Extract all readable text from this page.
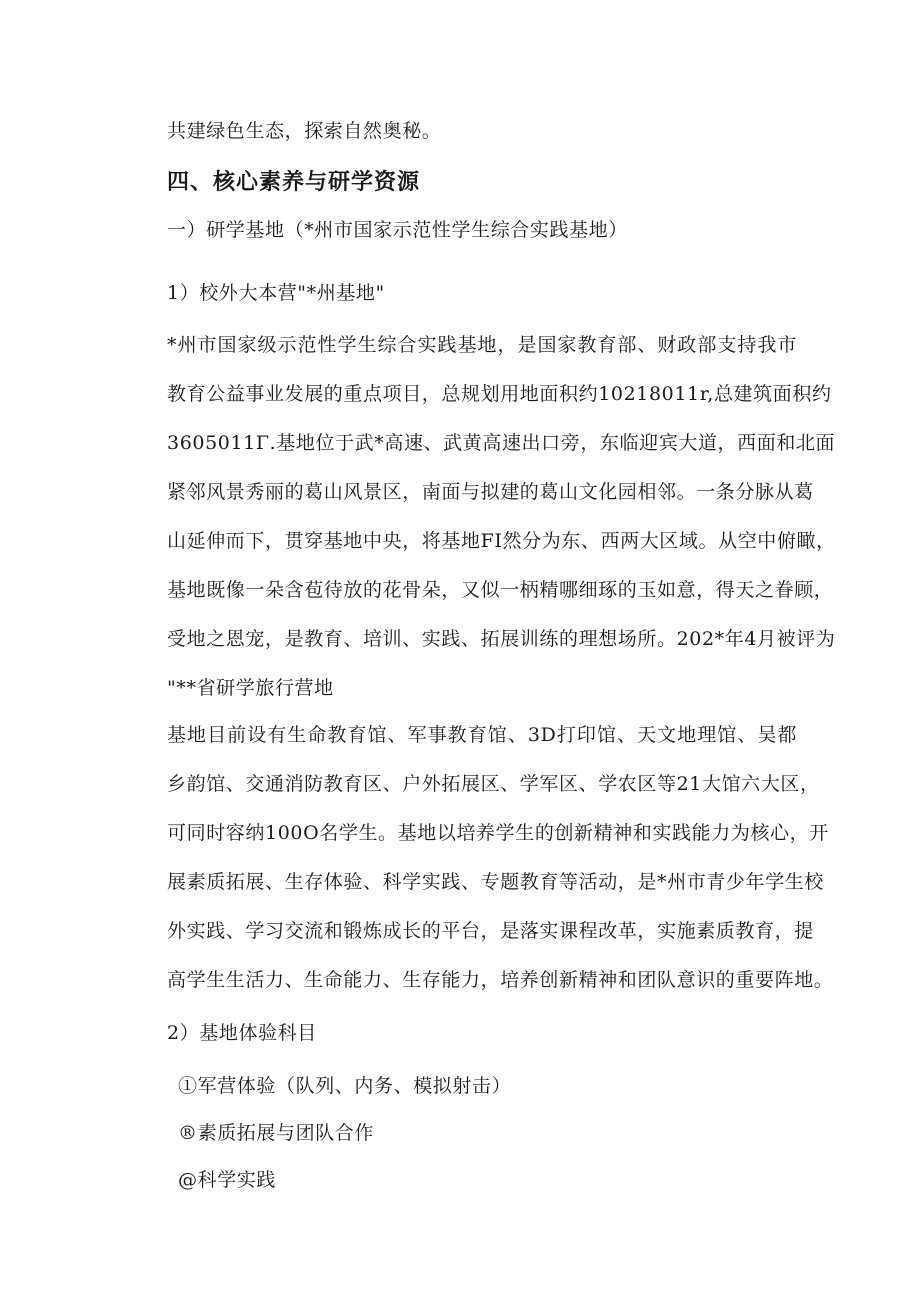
共建绿色生态，探索自然奥秘。
四、核心素养与研学资源
一）研学基地（*州市国家示范性学生综合实践基地）
1）校外大本营"*州基地"
*州市国家级示范性学生综合实践基地，是国家教育部、财政部支持我市
教育公益事业发展的重点项目，总规划用地面积约10218011r,总建筑面积约
3605011Γ.基地位于武*高速、武黄高速出口旁，东临迎宾大道，西面和北面
紧邻风景秀丽的葛山风景区，南面与拟建的葛山文化园相邻。一条分脉从葛
山延伸而下，贯穿基地中央，将基地FI然分为东、西两大区域。从空中俯瞰，
基地既像一朵含苞待放的花骨朵，又似一柄精哪细琢的玉如意，得天之眷顾，
受地之恩宠，是教育、培训、实践、拓展训练的理想场所。202*年4月被评为
"**省研学旅行营地
基地目前设有生命教育馆、军事教育馆、3D打印馆、天文地理馆、吴都
乡韵馆、交通消防教育区、户外拓展区、学军区、学农区等21大馆六大区，
可同时容纳100O名学生。基地以培养学生的创新精神和实践能力为核心，开
展素质拓展、生存体验、科学实践、专题教育等活动，是*州市青少年学生校
外实践、学习交流和锻炼成长的平台，是落实课程改革，实施素质教育，提
高学生生活力、生命能力、生存能力，培养创新精神和团队意识的重要阵地。
2）基地体验科目
①军营体验（队列、内务、模拟射击）
®素质拓展与团队合作
@科学实践
